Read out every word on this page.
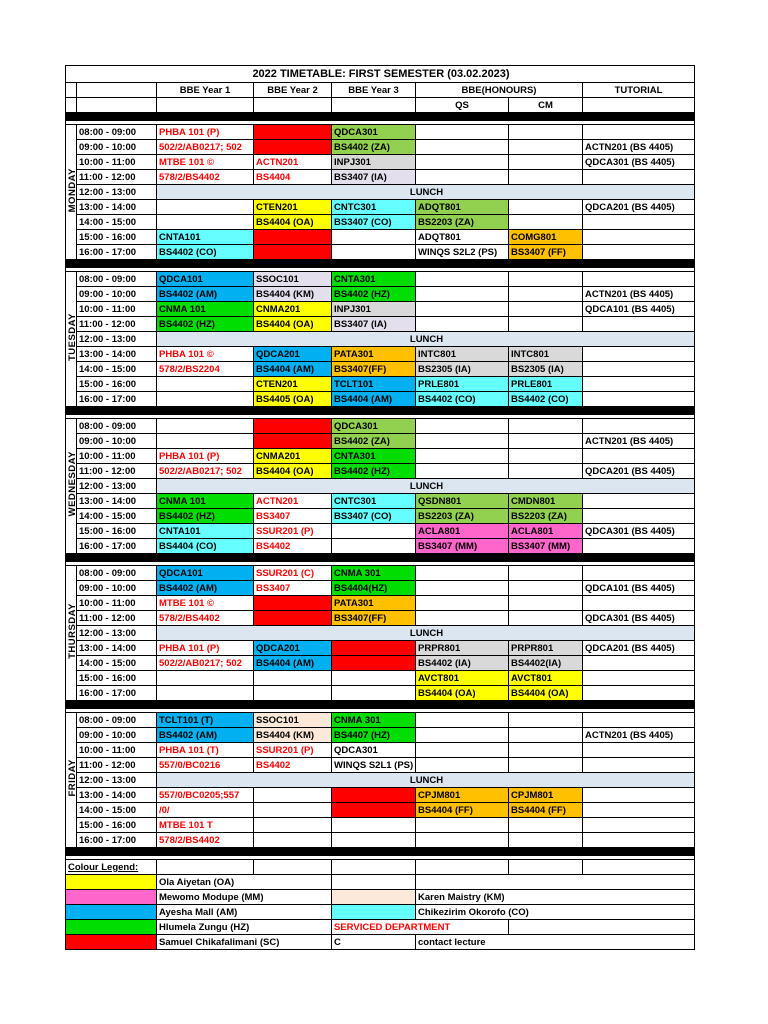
2022 TIMETABLE: FIRST SEMESTER (03.02.2023)							
		BBE Year 1	BBE Year 2	BBE Year 3	BBE(HONOURS)		TUTORIAL
					QS	CM	

MONDAY	08:00 - 09:00	PHBA 101 (P)	CNSP201	QDCA301			
	09:00 - 10:00	502/2/AB0217; 502	BS4404 (SC)	BS4402 (ZA)			ACTN201 (BS 4405)
	10:00 - 11:00	MTBE 101 ©	ACTN201	INPJ301			QDCA301 (BS 4405)
	11:00 - 12:00	578/2/BS4402	BS4404	BS3407 (IA)			
	12:00 - 13:00	LUNCH					
	13:00 - 14:00		CTEN201	CNTC301	ADQT801		QDCA201 (BS 4405)
	14:00 - 15:00		BS4404 (OA)	BS3407 (CO)	BS2203 (ZA)		
	15:00 - 16:00	CNTA101	ECNA201		ADQT801	COMG801	
	16:00 - 17:00	BS4402 (CO)	BS4404 (SC)		WINQS S2L2 (PS)	BS3407 (FF)	

TUESDAY	08:00 - 09:00	QDCA101	SSOC101	CNTA301			
	09:00 - 10:00	BS4402 (AM)	BS4404 (KM)	BS4402 (HZ)			ACTN201 (BS 4405)
	10:00 - 11:00	CNMA 101	CNMA201	INPJ301			QDCA101 (BS 4405)
	11:00 - 12:00	BS4402 (HZ)	BS4404 (OA)	BS3407 (IA)			
	12:00 - 13:00	LUNCH					
	13:00 - 14:00	PHBA 101 ©	QDCA201	PATA301	INTC801	INTC801	
	14:00 - 15:00	578/2/BS2204	BS4404 (AM)	BS3407(FF)	BS2305 (IA)	BS2305 (IA)	
	15:00 - 16:00		CTEN201	TCLT101	PRLE801	PRLE801	
	16:00 - 17:00		BS4405 (OA)	BS4404 (AM)	BS4402 (CO)	BS4402 (CO)	

WEDNESDAY	08:00 - 09:00		CNSP201	QDCA301			
	09:00 - 10:00		BS3407 (SC)	BS4402 (ZA)			ACTN201 (BS 4405)
	10:00 - 11:00	PHBA 101 (P)	CNMA201	CNTA301			
	11:00 - 12:00	502/2/AB0217; 502	BS4404 (OA)	BS4402 (HZ)			QDCA201 (BS 4405)
	12:00 - 13:00	LUNCH					
	13:00 - 14:00	CNMA 101	ACTN201	CNTC301	QSDN801	CMDN801	
	14:00 - 15:00	BS4402 (HZ)	BS3407	BS3407 (CO)	BS2203 (ZA)	BS2203 (ZA)	
	15:00 - 16:00	CNTA101	SSUR201 (P)		ACLA801	ACLA801	QDCA301 (BS 4405)
	16:00 - 17:00	BS4404 (CO)	BS4402		BS3407 (MM)	BS3407 (MM)	

THURSDAY	08:00 - 09:00	QDCA101	SSUR201 (C)	CNMA 301			
	09:00 - 10:00	BS4402 (AM)	BS3407	BS4404(HZ)			QDCA101 (BS 4405)
	10:00 - 11:00	MTBE 101 ©	ECNA201	PATA301			
	11:00 - 12:00	578/2/BS4402	BS4404 (SC)	BS3407(FF)			QDCA301 (BS 4405)
	12:00 - 13:00	LUNCH					
	13:00 - 14:00	PHBA 101 (P)	QDCA201	CNLW301	PRPR801	PRPR801	QDCA201 (BS 4405)
	14:00 - 15:00	502/2/AB0217; 502	BS4404 (AM)	BS3407 (SC)	BS4402 (IA)	BS4402(IA)	
	15:00 - 16:00				AVCT801	AVCT801	
	16:00 - 17:00				BS4404 (OA)	BS4404 (OA)	

FRIDAY	08:00 - 09:00	TCLT101 (T)	SSOC101	CNMA 301			
	09:00 - 10:00	BS4402 (AM)	BS4404 (KM)	BS4407 (HZ)			ACTN201 (BS 4405)
	10:00 - 11:00	PHBA 101 (T)	SSUR201 (P)	QDCA301			
	11:00 - 12:00	557/0/BC0216	BS4402	WINQS S2L1 (PS)			
	12:00 - 13:00	LUNCH					
	13:00 - 14:00	557/0/BC0205;557		CNLW301	CPJM801	CPJM801	
	14:00 - 15:00	/0/		BS3407 (SC)	BS4404 (FF)	BS4404 (FF)	
	15:00 - 16:00	MTBE 101 T					
	16:00 - 17:00	578/2/BS4402					

Colour Legend:							
		Ola Aiyetan (OA)					
		Mewomo Modupe (MM)			Karen Maistry (KM)		
		Ayesha Mall (AM)			Chikezirim Okorofo (CO)		
		Hlumela Zungu (HZ)		SERVICED DEPARTMENT			
		Samuel Chikafalimani (SC)		C	contact lecture		
